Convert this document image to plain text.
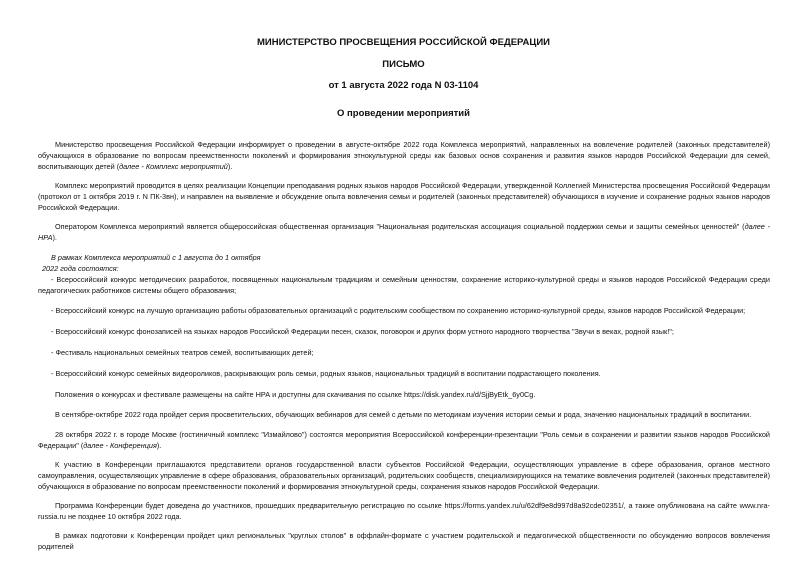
МИНИСТЕРСТВО ПРОСВЕЩЕНИЯ РОССИЙСКОЙ ФЕДЕРАЦИИ
ПИСЬМО
от 1 августа 2022 года N 03-1104
О проведении мероприятий

Министерство просвещения Российской Федерации информирует о проведении в августе-октябре 2022 года Комплекса мероприятий, направленных на вовлечение родителей (законных представителей) обучающихся в образование по вопросам преемственности поколений и формирования этнокультурной среды как базовых основ сохранения и развития языков народов Российской Федерации для семей, воспитывающих детей (далее - Комплекс мероприятий).

Комплекс мероприятий проводится в целях реализации Концепции преподавания родных языков народов Российской Федерации, утвержденной Коллегией Министерства просвещения Российской Федерации (протокол от 1 октября 2019 г. N ПК-3вн), и направлен на выявление и обсуждение опыта вовлечения семьи и родителей (законных представителей) обучающихся в изучение и сохранение родных языков народов Российской Федерации.

Оператором Комплекса мероприятий является общероссийская общественная организация "Национальная родительская ассоциация социальной поддержки семьи и защиты семейных ценностей" (далее - НРА).

В рамках Комплекса мероприятий с 1 августа до 1 октября
2022 года состоятся:

- Всероссийский конкурс методических разработок, посвященных национальным традициям и семейным ценностям, сохранение историко-культурной среды и языков народов Российской Федерации среди педагогических работников системы общего образования;

- Всероссийский конкурс на лучшую организацию работы образовательных организаций с родительским сообществом по сохранению историко-культурной среды, языков народов Российской Федерации;

- Всероссийский конкурс фонозаписей на языках народов Российской Федерации песен, сказок, поговорок и других форм устного народного творчества "Звучи в веках, родной язык!";

- Фестиваль национальных семейных театров семей, воспитывающих детей;

- Всероссийский конкурс семейных видеороликов, раскрывающих роль семьи, родных языков, национальных традиций в воспитании подрастающего поколения.

Положения о конкурсах и фестивале размещены на сайте НРА и доступны для скачивания по ссылке https://disk.yandex.ru/d/SjjByEtk_6y0Cg.

В сентябре-октябре 2022 года пройдет серия просветительских, обучающих вебинаров для семей с детьми по методикам изучения истории семьи и рода, значению национальных традиций в воспитании.

28 октября 2022 г. в городе Москве (гостиничный комплекс "Измайлово") состоятся мероприятия Всероссийской конференции-презентации "Роль семьи в сохранении и развитии языков народов Российской Федерации" (далее - Конференция).

К участию в Конференции приглашаются представители органов государственной власти субъектов Российской Федерации, осуществляющих управление в сфере образования, органов местного самоуправления, осуществляющих управление в сфере образования, образовательных организаций, родительских сообществ, специализирующихся на тематике вовлечения родителей (законных представителей) обучающихся в образование по вопросам преемственности поколений и формирования этнокультурной среды, сохранения языков народов Российской Федерации.

Программа Конференции будет доведена до участников, прошедших предварительную регистрацию по ссылке https://forms.yandex.ru/u/62df9e8d997d8a92cde02351/, а также опубликована на сайте www.nra-russia.ru не позднее 10 октября 2022 года.

В рамках подготовки к Конференции пройдет цикл региональных "круглых столов" в оффлайн-формате с участием родительской и педагогической общественности по обсуждению вопросов вовлечения родителей
